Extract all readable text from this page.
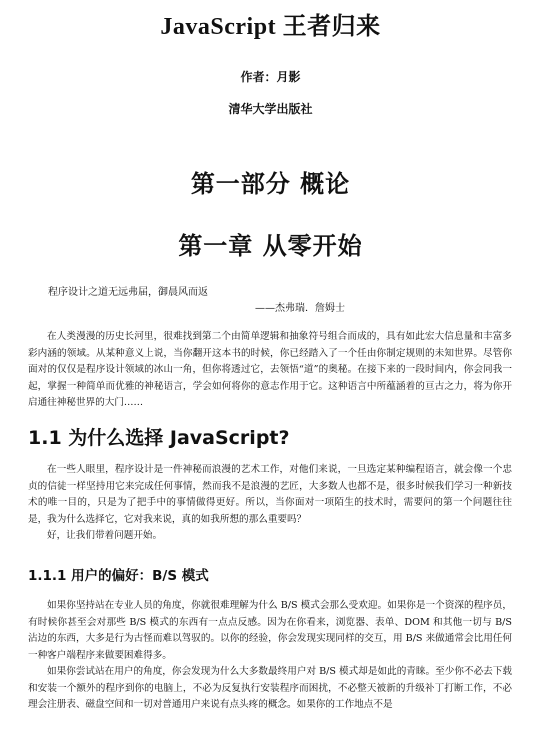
JavaScript 王者归来
作者：月影
清华大学出版社
第一部分 概论
第一章 从零开始
程序设计之道无远弗届，御晨风而返
——杰弗瑞．詹姆士

在人类漫漫的历史长河里，很难找到第二个由简单逻辑和抽象符号组合而成的，具有如此宏大信息量和丰富多彩内涵的领域。从某种意义上说，当你翻开这本书的时候，你已经踏入了一个任由你制定规则的未知世界。尽管你面对的仅仅是程序设计领域的冰山一角，但你将透过它，去领悟“道”的奥秘。在接下来的一段时间内，你会同我一起，掌握一种简单而优雅的神秘语言，学会如何将你的意志作用于它。这种语言中所蕴涵着的亘古之力，将为你开启通往神秘世界的大门……

1.1 为什么选择 JavaScript?

在一些人眼里，程序设计是一件神秘而浪漫的艺术工作，对他们来说，一旦选定某种编程语言，就会像一个忠贞的信徒一样坚持用它来完成任何事情，然而我不是浪漫的艺匠，大多数人也都不是，很多时候我们学习一种新技术的唯一目的，只是为了把手中的事情做得更好。所以，当你面对一项陌生的技术时，需要问的第一个问题往往是，我为什么选择它，它对我来说，真的如我所想的那么重要吗？

好，让我们带着问题开始。

1.1.1 用户的偏好：B/S 模式

如果你坚持站在专业人员的角度，你就很难理解为什么 B/S 模式会那么受欢迎。如果你是一个资深的程序员，有时候你甚至会对那些 B/S 模式的东西有一点点反感。因为在你看来，浏览器、表单、DOM 和其他一切与 B/S 沾边的东西，大多是行为古怪而难以驾驭的。以你的经验，你会发现实现同样的交互，用 B/S 来做通常会比用任何一种客户端程序来做要困难得多。

如果你尝试站在用户的角度，你会发现为什么大多数最终用户对 B/S 模式却是如此的青睐。至少你不必去下载和安装一个额外的程序到你的电脑上，不必为反复执行安装程序而困扰，不必整天被新的升级补丁打断工作，不必理会注册表、磁盘空间和一切对普通用户来说有点头疼的概念。如果你的工作地点不是
